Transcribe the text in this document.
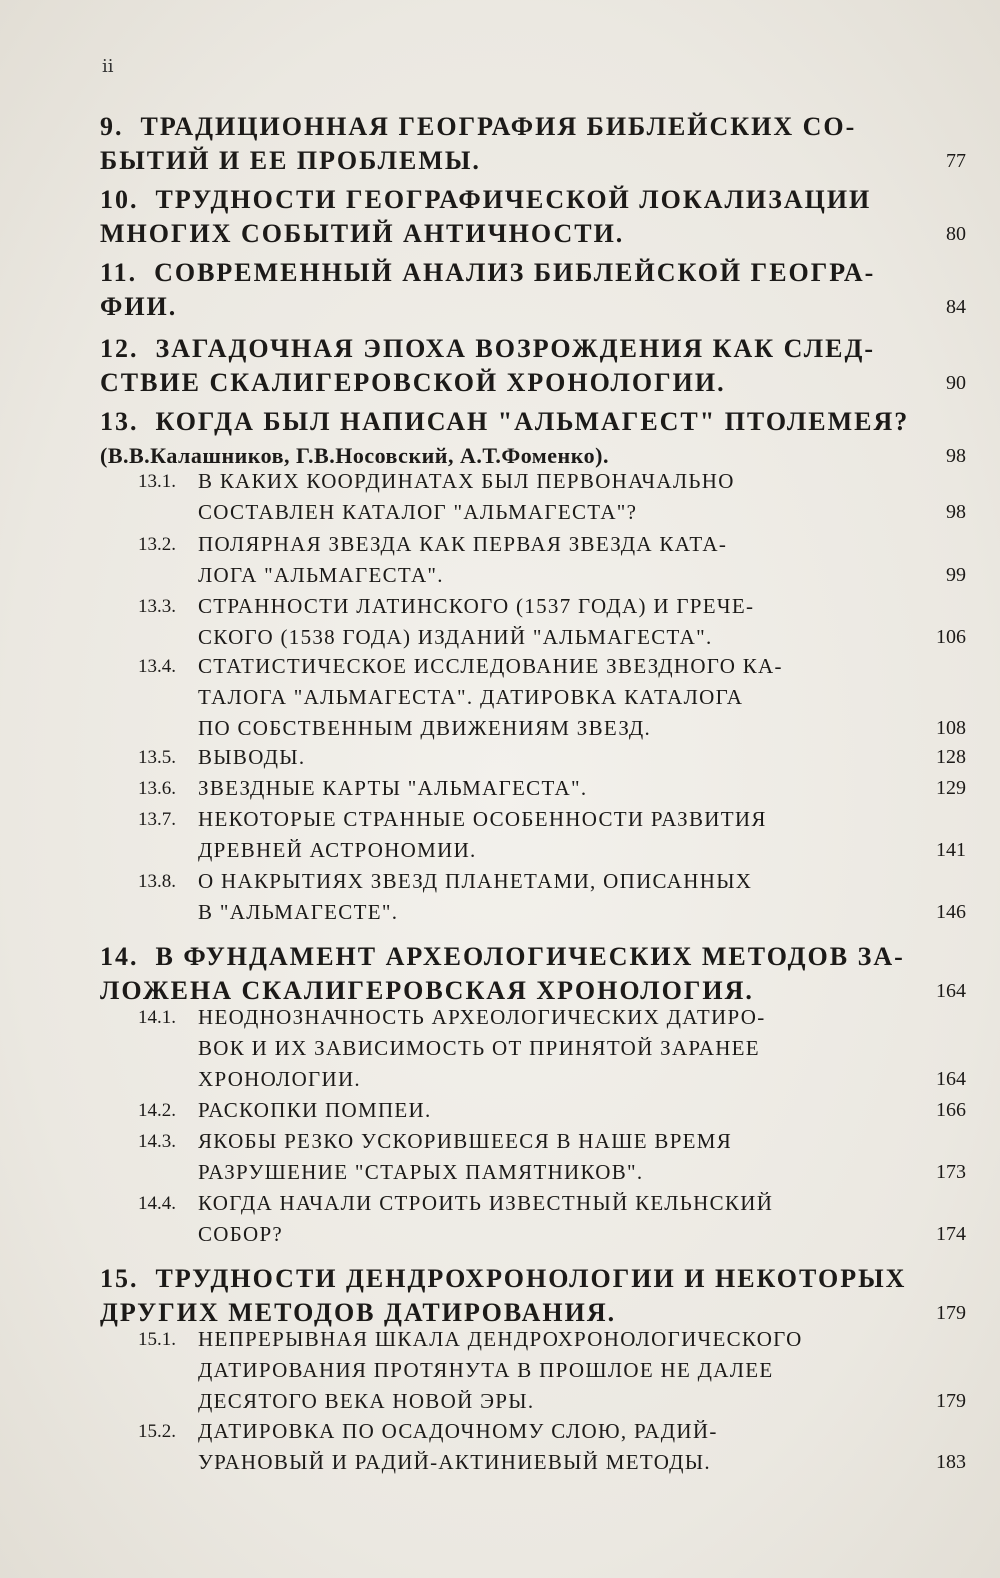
ii
9. ТРАДИЦИОННАЯ ГЕОГРАФИЯ БИБЛЕЙСКИХ СО-
БЫТИЙ И ЕЕ ПРОБЛЕМЫ.	77
10. ТРУДНОСТИ ГЕОГРАФИЧЕСКОЙ ЛОКАЛИЗАЦИИ
МНОГИХ СОБЫТИЙ АНТИЧНОСТИ.	80
11. СОВРЕМЕННЫЙ АНАЛИЗ БИБЛЕЙСКОЙ ГЕОГРА-
ФИИ.	84
12. ЗАГАДОЧНАЯ ЭПОХА ВОЗРОЖДЕНИЯ КАК СЛЕД-
СТВИЕ СКАЛИГЕРОВСКОЙ ХРОНОЛОГИИ.	90
13. КОГДА БЫЛ НАПИСАН "АЛЬМАГЕСТ" ПТОЛЕМЕЯ?
(В.В.Калашников, Г.В.Носовский, А.Т.Фоменко).	98
13.1.	В КАКИХ КООРДИНАТАХ БЫЛ ПЕРВОНАЧАЛЬНО
СОСТАВЛЕН КАТАЛОГ "АЛЬМАГЕСТА"?	98
13.2.	ПОЛЯРНАЯ ЗВЕЗДА КАК ПЕРВАЯ ЗВЕЗДА КАТА-
ЛОГА "АЛЬМАГЕСТА".	99
13.3.	СТРАННОСТИ ЛАТИНСКОГО (1537 ГОДА) И ГРЕЧЕ-
СКОГО (1538 ГОДА) ИЗДАНИЙ "АЛЬМАГЕСТА".	106
13.4.	СТАТИСТИЧЕСКОЕ ИССЛЕДОВАНИЕ ЗВЕЗДНОГО КА-
ТАЛОГА "АЛЬМАГЕСТА". ДАТИРОВКА КАТАЛОГА
ПО СОБСТВЕННЫМ ДВИЖЕНИЯМ ЗВЕЗД.	108
13.5.	ВЫВОДЫ.	128
13.6.	ЗВЕЗДНЫЕ КАРТЫ "АЛЬМАГЕСТА".	129
13.7.	НЕКОТОРЫЕ СТРАННЫЕ ОСОБЕННОСТИ РАЗВИТИЯ
ДРЕВНЕЙ АСТРОНОМИИ.	141
13.8.	О НАКРЫТИЯХ ЗВЕЗД ПЛАНЕТАМИ, ОПИСАННЫХ
В "АЛЬМАГЕСТЕ".	146
14. В ФУНДАМЕНТ АРХЕОЛОГИЧЕСКИХ МЕТОДОВ ЗА-
ЛОЖЕНА СКАЛИГЕРОВСКАЯ ХРОНОЛОГИЯ.	164
14.1.	НЕОДНОЗНАЧНОСТЬ АРХЕОЛОГИЧЕСКИХ ДАТИРО-
ВОК И ИХ ЗАВИСИМОСТЬ ОТ ПРИНЯТОЙ ЗАРАНЕЕ
ХРОНОЛОГИИ.	164
14.2.	РАСКОПКИ ПОМПЕИ.	166
14.3.	ЯКОБЫ РЕЗКО УСКОРИВШЕЕСЯ В НАШЕ ВРЕМЯ
РАЗРУШЕНИЕ "СТАРЫХ ПАМЯТНИКОВ".	173
14.4.	КОГДА НАЧАЛИ СТРОИТЬ ИЗВЕСТНЫЙ КЕЛЬНСКИЙ
СОБОР?	174
15. ТРУДНОСТИ ДЕНДРОХРОНОЛОГИИ И НЕКОТОРЫХ
ДРУГИХ МЕТОДОВ ДАТИРОВАНИЯ.	179
15.1.	НЕПРЕРЫВНАЯ ШКАЛА ДЕНДРОХРОНОЛОГИЧЕСКОГО
ДАТИРОВАНИЯ ПРОТЯНУТА В ПРОШЛОЕ НЕ ДАЛЕЕ
ДЕСЯТОГО ВЕКА НОВОЙ ЭРЫ.	179
15.2.	ДАТИРОВКА ПО ОСАДОЧНОМУ СЛОЮ, РАДИЙ-
УРАНОВЫЙ И РАДИЙ-АКТИНИЕВЫЙ МЕТОДЫ.	183
